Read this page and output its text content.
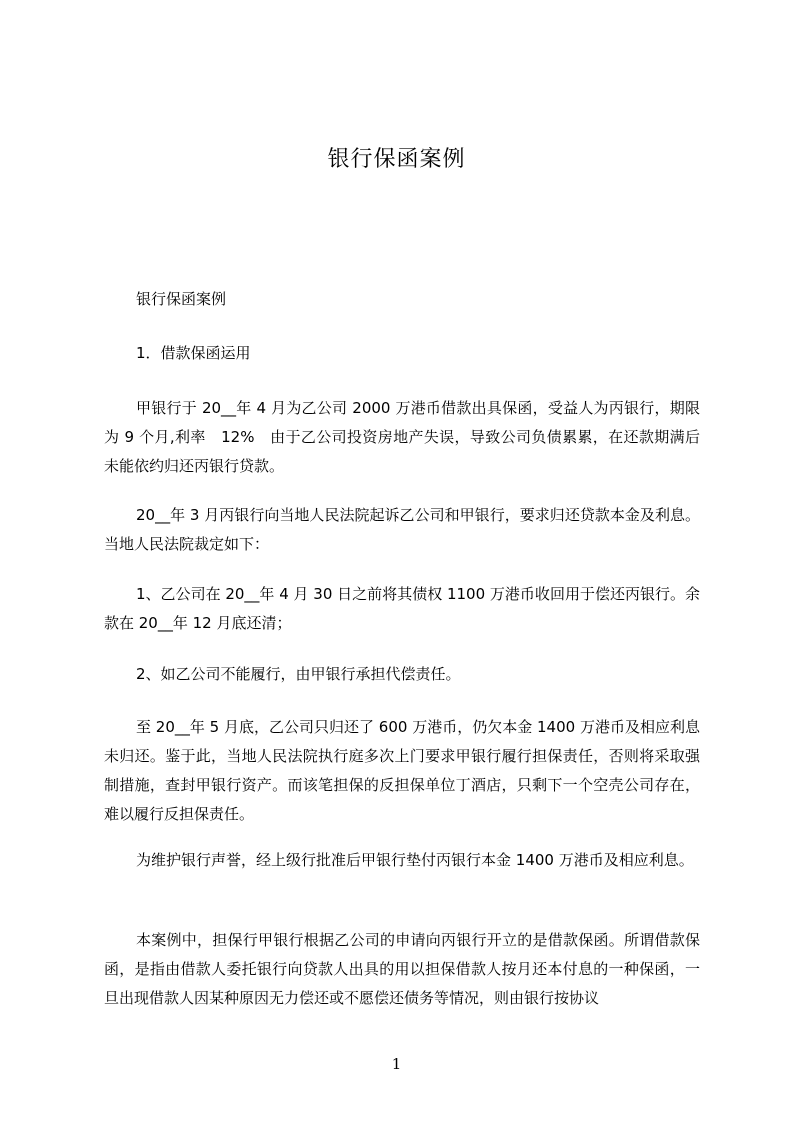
银行保函案例

银行保函案例

1．借款保函运用

甲银行于 20__年 4 月为乙公司 2000 万港币借款出具保函，受益人为丙银行，期限为 9 个月,利率　12%　由于乙公司投资房地产失误，导致公司负债累累，在还款期满后未能依约归还丙银行贷款。

20__年 3 月丙银行向当地人民法院起诉乙公司和甲银行，要求归还贷款本金及利息。当地人民法院裁定如下：

1、乙公司在 20__年 4 月 30 日之前将其债权 1100 万港币收回用于偿还丙银行。余款在 20__年 12 月底还清；

2、如乙公司不能履行，由甲银行承担代偿责任。

至 20__年 5 月底，乙公司只归还了 600 万港币，仍欠本金 1400 万港币及相应利息未归还。鉴于此，当地人民法院执行庭多次上门要求甲银行履行担保责任，否则将采取强制措施，查封甲银行资产。而该笔担保的反担保单位丁酒店，只剩下一个空壳公司存在，难以履行反担保责任。

为维护银行声誉，经上级行批准后甲银行垫付丙银行本金 1400 万港币及相应利息。

本案例中，担保行甲银行根据乙公司的申请向丙银行开立的是借款保函。所谓借款保函，是指由借款人委托银行向贷款人出具的用以担保借款人按月还本付息的一种保函，一旦出现借款人因某种原因无力偿还或不愿偿还债务等情况，则由银行按协议

1
